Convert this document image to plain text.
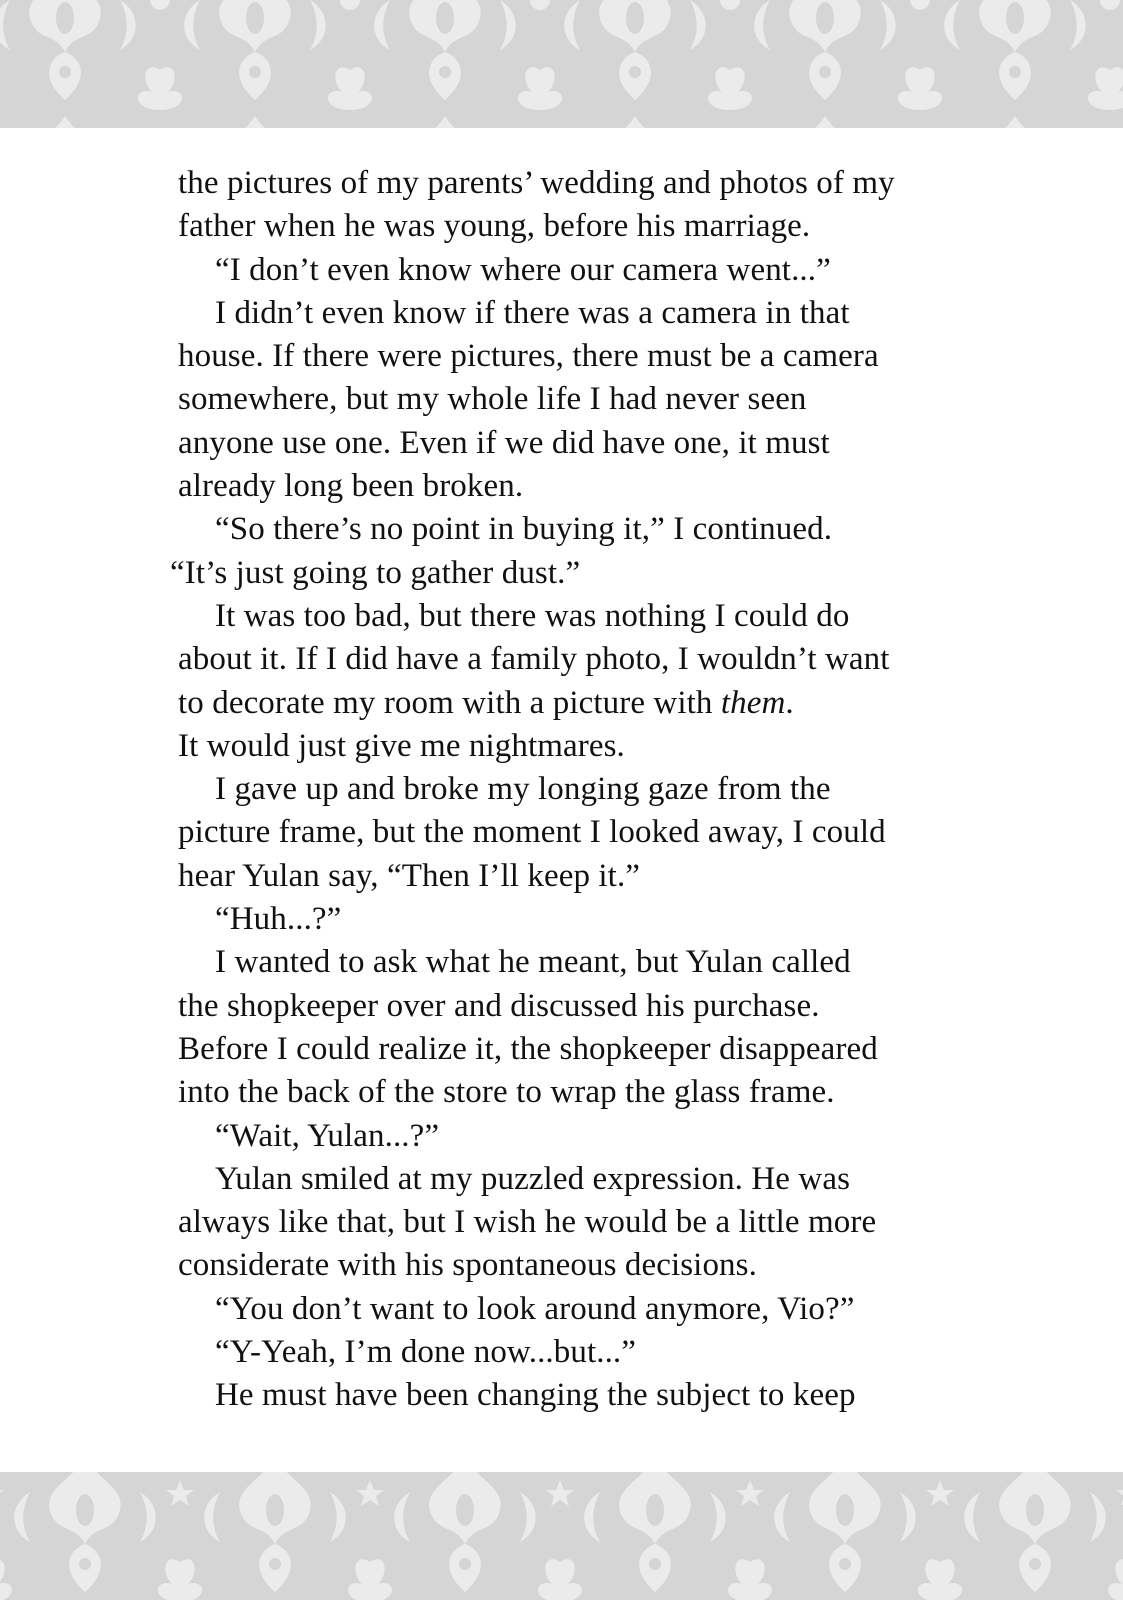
the pictures of my parents’ wedding and photos of my
father when he was young, before his marriage.
“I don’t even know where our camera went...”
I didn’t even know if there was a camera in that
house. If there were pictures, there must be a camera
somewhere, but my whole life I had never seen
anyone use one. Even if we did have one, it must
already long been broken.
“So there’s no point in buying it,” I continued.
“It’s just going to gather dust.”
It was too bad, but there was nothing I could do
about it. If I did have a family photo, I wouldn’t want
to decorate my room with a picture with them.
It would just give me nightmares.
I gave up and broke my longing gaze from the
picture frame, but the moment I looked away, I could
hear Yulan say, “Then I’ll keep it.”
“Huh...?”
I wanted to ask what he meant, but Yulan called
the shopkeeper over and discussed his purchase.
Before I could realize it, the shopkeeper disappeared
into the back of the store to wrap the glass frame.
“Wait, Yulan...?”
Yulan smiled at my puzzled expression. He was
always like that, but I wish he would be a little more
considerate with his spontaneous decisions.
“You don’t want to look around anymore, Vio?”
“Y-Yeah, I’m done now...but...”
He must have been changing the subject to keep
